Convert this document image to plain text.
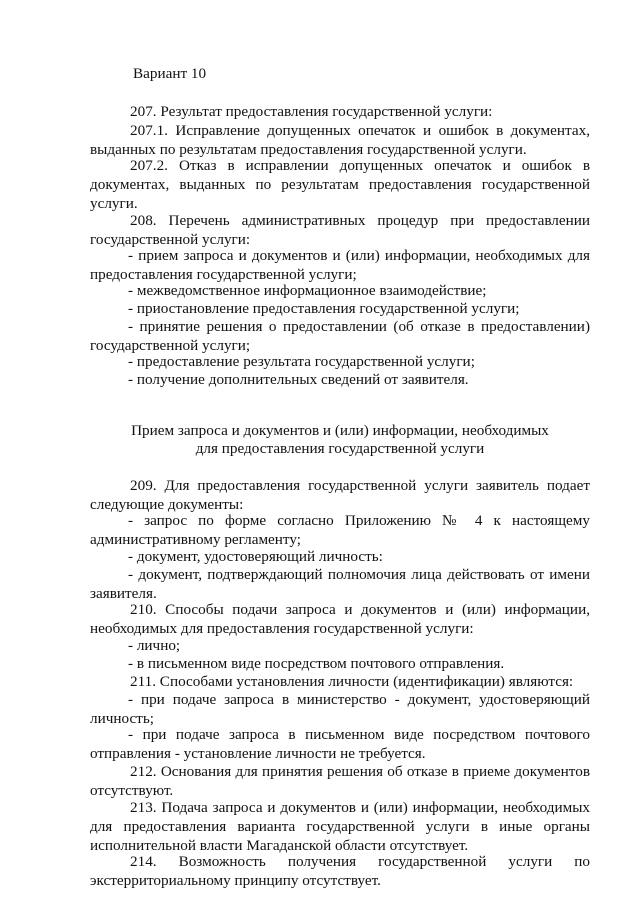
Вариант 10
207. Результат предоставления государственной услуги:
207.1. Исправление допущенных опечаток и ошибок в документах, выданных по результатам предоставления государственной услуги.
207.2. Отказ в исправлении допущенных опечаток и ошибок в документах, выданных по результатам предоставления государственной услуги.
208. Перечень административных процедур при предоставлении государственной услуги:
- прием запроса и документов и (или) информации, необходимых для предоставления государственной услуги;
- межведомственное информационное взаимодействие;
- приостановление предоставления государственной услуги;
- принятие решения о предоставлении (об отказе в предоставлении) государственной услуги;
- предоставление результата государственной услуги;
- получение дополнительных сведений от заявителя.
Прием запроса и документов и (или) информации, необходимых
для предоставления государственной услуги
209. Для предоставления государственной услуги заявитель подает следующие документы:
- запрос по форме согласно Приложению № 4 к настоящему административному регламенту;
- документ, удостоверяющий личность:
- документ, подтверждающий полномочия лица действовать от имени заявителя.
210. Способы подачи запроса и документов и (или) информации, необходимых для предоставления государственной услуги:
- лично;
- в письменном виде посредством почтового отправления.
211. Способами установления личности (идентификации) являются:
- при подаче запроса в министерство - документ, удостоверяющий личность;
- при подаче запроса в письменном виде посредством почтового отправления - установление личности не требуется.
212. Основания для принятия решения об отказе в приеме документов отсутствуют.
213. Подача запроса и документов и (или) информации, необходимых для предоставления варианта государственной услуги в иные органы исполнительной власти Магаданской области отсутствует.
214. Возможность получения государственной услуги по экстерриториальному принципу отсутствует.
